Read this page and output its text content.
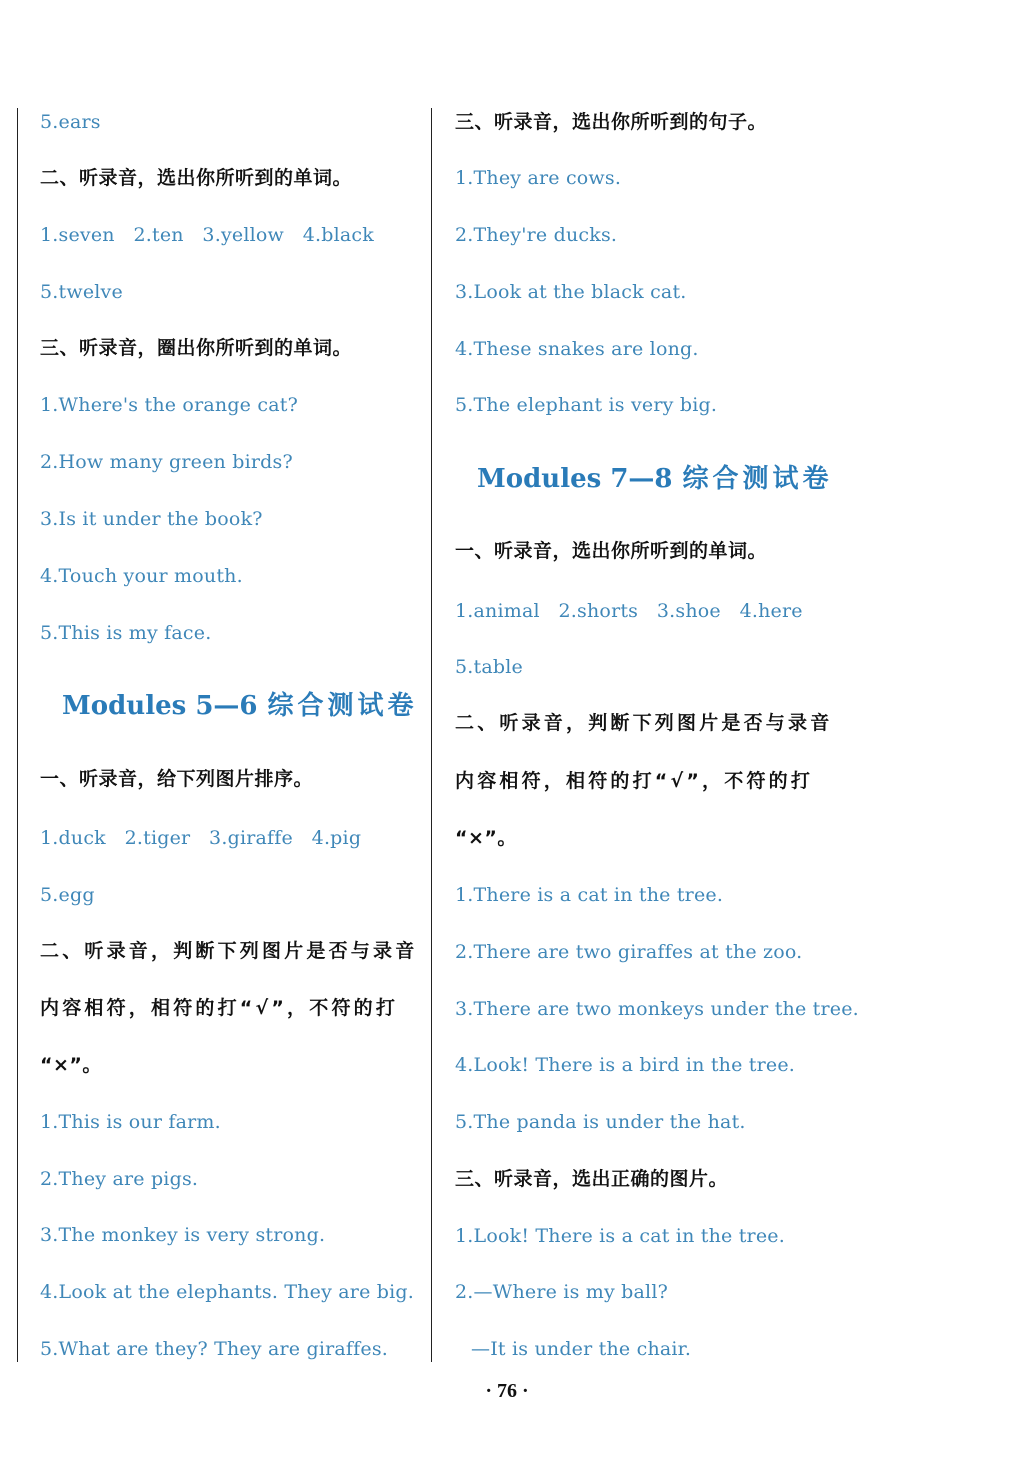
5.ears
二、听录音，选出你所听到的单词。
1.seven   2.ten   3.yellow   4.black
5.twelve
三、听录音，圈出你所听到的单词。
1.Where's the orange cat?
2.How many green birds?
3.Is it under the book?
4.Touch your mouth.
5.This is my face.
Modules 5—6 综合测试卷
一、听录音，给下列图片排序。
1.duck   2.tiger   3.giraffe   4.pig
5.egg
二、听录音，判断下列图片是否与录音
内容相符，相符的打“√”，不符的打
“×”。
1.This is our farm.
2.They are pigs.
3.The monkey is very strong.
4.Look at the elephants. They are big.
5.What are they? They are giraffes.
三、听录音，选出你所听到的句子。
1.They are cows.
2.They're ducks.
3.Look at the black cat.
4.These snakes are long.
5.The elephant is very big.
Modules 7—8 综合测试卷
一、听录音，选出你所听到的单词。
1.animal   2.shorts   3.shoe   4.here
5.table
二、听录音，判断下列图片是否与录音
内容相符，相符的打“√”，不符的打
“×”。
1.There is a cat in the tree.
2.There are two giraffes at the zoo.
3.There are two monkeys under the tree.
4.Look! There is a bird in the tree.
5.The panda is under the hat.
三、听录音，选出正确的图片。
1.Look! There is a cat in the tree.
2.—Where is my ball?
—It is under the chair.
· 76 ·
